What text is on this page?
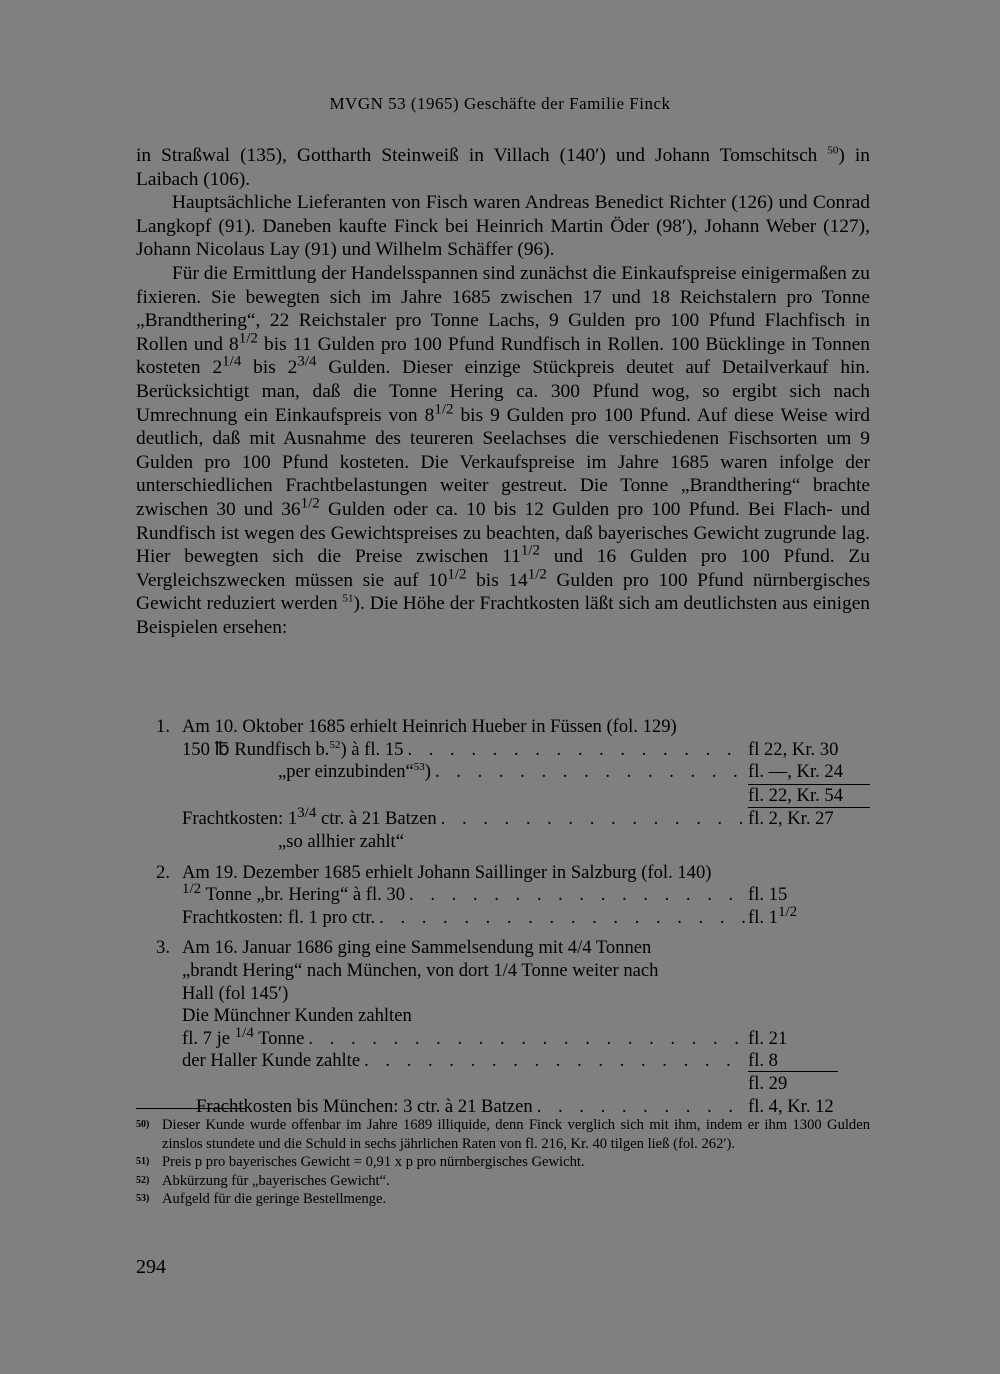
MVGN 53 (1965) Geschäfte der Familie Finck

in Straßwal (135), Gottharth Steinweiß in Villach (140′) und Johann Tomschitsch $^{50}$) in Laibach (106).

Hauptsächliche Lieferanten von Fisch waren Andreas Benedict Richter (126) und Conrad Langkopf (91). Daneben kaufte Finck bei Heinrich Martin Öder (98′), Johann Weber (127), Johann Nicolaus Lay (91) und Wilhelm Schäffer (96).

Für die Ermittlung der Handelsspannen sind zunächst die Einkaufspreise einigermaßen zu fixieren. Sie bewegten sich im Jahre 1685 zwischen 17 und 18 Reichstalern pro Tonne „Brandthering“, 22 Reichstaler pro Tonne Lachs, 9 Gulden pro 100 Pfund Flachfisch in Rollen und $8^{1/2}$ bis 11 Gulden pro 100 Pfund Rundfisch in Rollen. 100 Bücklinge in Tonnen kosteten $2^{1/4}$ bis $2^{3/4}$ Gulden. Dieser einzige Stückpreis deutet auf Detailverkauf hin. Berücksichtigt man, daß die Tonne Hering ca. 300 Pfund wog, so ergibt sich nach Umrechnung ein Einkaufspreis von $8^{1/2}$ bis 9 Gulden pro 100 Pfund. Auf diese Weise wird deutlich, daß mit Ausnahme des teureren Seelachses die verschiedenen Fischsorten um 9 Gulden pro 100 Pfund kosteten. Die Verkaufspreise im Jahre 1685 waren infolge der unterschiedlichen Frachtbelastungen weiter gestreut. Die Tonne „Brandthering“ brachte zwischen 30 und $36^{1/2}$ Gulden oder ca. 10 bis 12 Gulden pro 100 Pfund. Bei Flach- und Rundfisch ist wegen des Gewichtspreises zu beachten, daß bayerisches Gewicht zugrunde lag. Hier bewegten sich die Preise zwischen $11^{1/2}$ und 16 Gulden pro 100 Pfund. Zu Vergleichszwecken müssen sie auf $10^{1/2}$ bis $14^{1/2}$ Gulden pro 100 Pfund nürnbergisches Gewicht reduziert werden $^{51}$). Die Höhe der Frachtkosten läßt sich am deutlichsten aus einigen Beispielen ersehen:

1. Am 10. Oktober 1685 erhielt Heinrich Hueber in Füssen (fol. 129)
150 ℔ Rundfisch b.$^{52}$) à fl. 15 . . .	fl 22, Kr. 30
„per einzubinden“$^{53}$) . . .	fl. —, Kr. 24
fl. 22, Kr. 54
Frachtkosten: $1^{3/4}$ ctr. à 21 Batzen . . .	fl. 2, Kr. 27
„so allhier zahlt“
2. Am 19. Dezember 1685 erhielt Johann Saillinger in Salzburg (fol. 140)
$^{1/2}$ Tonne „br. Hering“ à fl. 30 . . .	fl. 15
Frachtkosten: fl. 1 pro ctr. . . .	fl. $1^{1/2}$
3. Am 16. Januar 1686 ging eine Sammelsendung mit 4/4 Tonnen
„brandt Hering“ nach München, von dort 1/4 Tonne weiter nach
Hall (fol 145′)
Die Münchner Kunden zahlten
fl. 7 je $^{1/4}$ Tonne . . .	fl. 21
der Haller Kunde zahlte . . .	fl. 8
fl. 29
Frachtkosten bis München: 3 ctr. à 21 Batzen . . .	fl. 4, Kr. 12
50) Dieser Kunde wurde offenbar im Jahre 1689 illiquide, denn Finck verglich sich mit ihm, indem er ihm 1300 Gulden zinslos stundete und die Schuld in sechs jährlichen Raten von fl. 216, Kr. 40 tilgen ließ (fol. 262′).
51) Preis p pro bayerisches Gewicht = 0,91 x p pro nürnbergisches Gewicht.
52) Abkürzung für „bayerisches Gewicht“.
53) Aufgeld für die geringe Bestellmenge.
294
